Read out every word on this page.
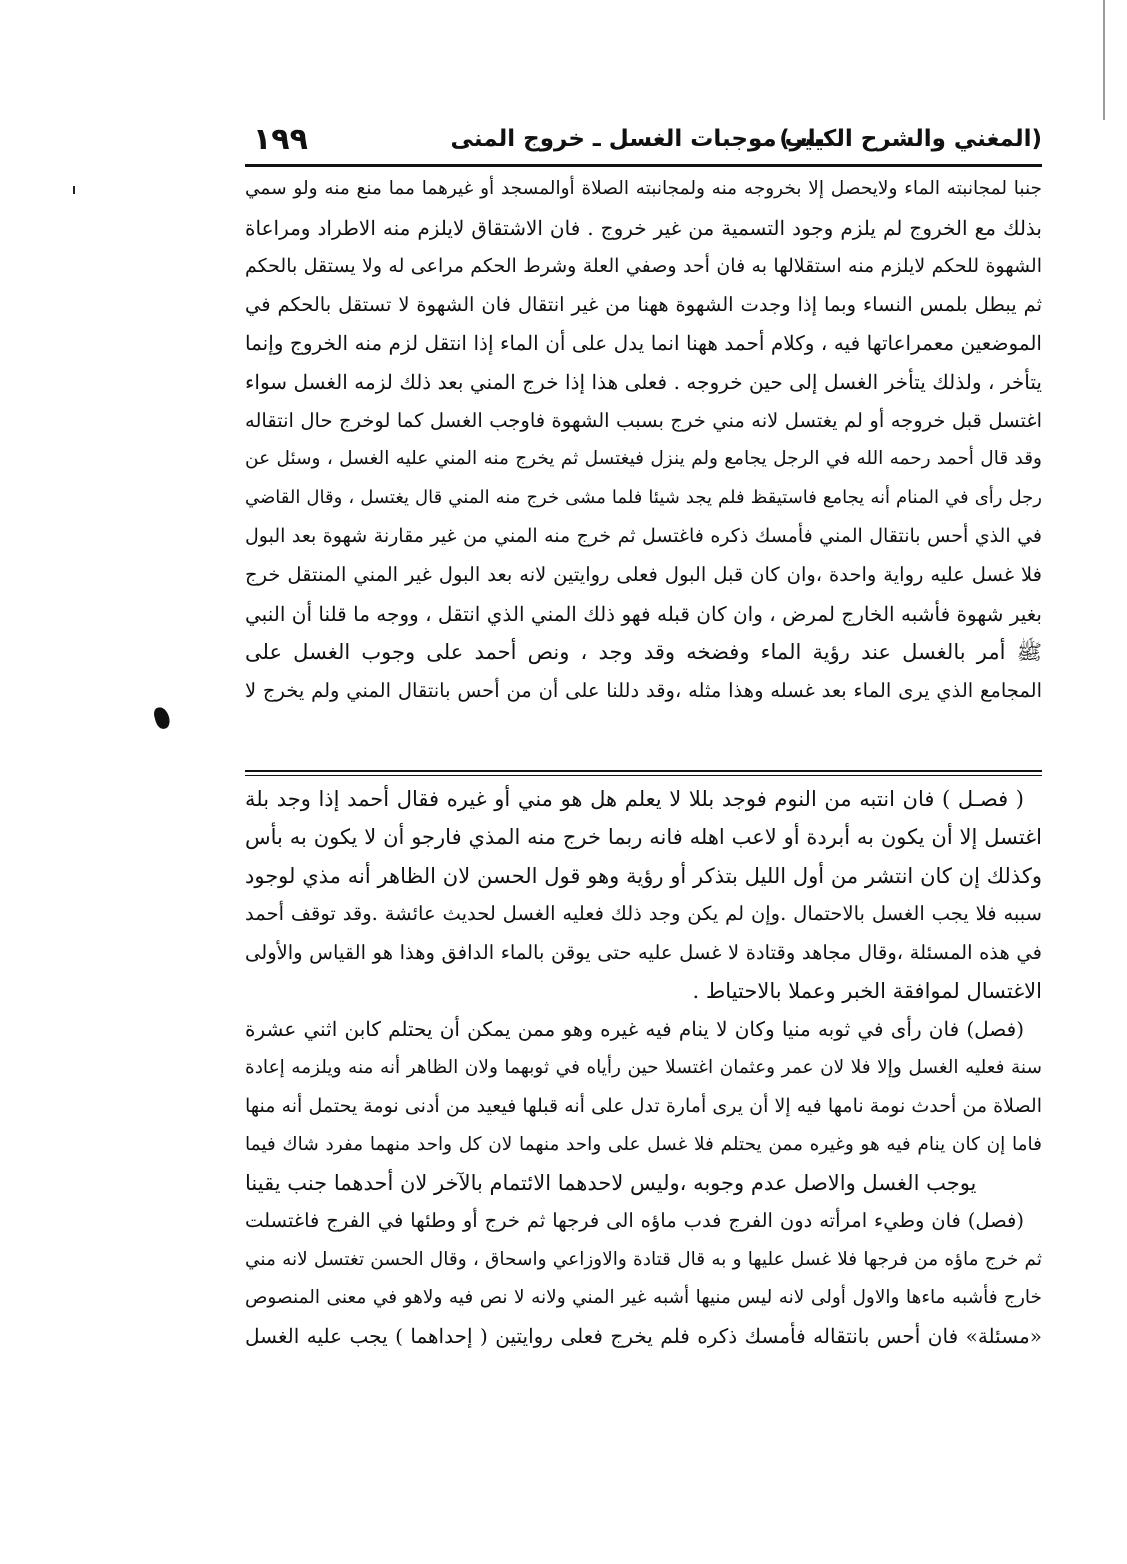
١٩٩	باب موجبات الغسل ـ خروج المنى
(المغني والشرح الكبير)
جنبا لمجانبته الماء ولايحصل إلا بخروجه منه ولمجانبته الصلاة أوالمسجد أو غيرهما مما منع منه ولو سمي
بذلك مع الخروج لم يلزم وجود التسمية من غير خروج . فان الاشتقاق لايلزم منه الاطراد ومراعاة
الشهوة للحكم لايلزم منه استقلالها به فان أحد وصفي العلة وشرط الحكم مراعى له ولا يستقل بالحكم
ثم يبطل بلمس النساء وبما إذا وجدت الشهوة ههنا من غير انتقال فان الشهوة لا تستقل بالحكم في
الموضعين معمراعاتها فيه ، وكلام أحمد ههنا انما يدل على أن الماء إذا انتقل لزم منه الخروج وإنما
يتأخر ، ولذلك يتأخر الغسل إلى حين خروجه . فعلى هذا إذا خرج المني بعد ذلك لزمه الغسل سواء
اغتسل قبل خروجه أو لم يغتسل لانه مني خرج بسبب الشهوة فاوجب الغسل كما لوخرج حال انتقاله
وقد قال أحمد رحمه الله في الرجل يجامع ولم ينزل فيغتسل ثم يخرج منه المني عليه الغسل ، وسئل عن
رجل رأى في المنام أنه يجامع فاستيقظ فلم يجد شيئا فلما مشى خرج منه المني قال يغتسل ، وقال القاضي
في الذي أحس بانتقال المني فأمسك ذكره فاغتسل ثم خرج منه المني من غير مقارنة شهوة بعد البول
فلا غسل عليه رواية واحدة ،وان كان قبل البول فعلى روايتين لانه بعد البول غير المني المنتقل خرج
بغير شهوة فأشبه الخارج لمرض ، وان كان قبله فهو ذلك المني الذي انتقل ، ووجه ما قلنا أن النبي
ﷺ أمر بالغسل عند رؤية الماء وفضخه وقد وجد ، ونص أحمد على وجوب الغسل على
المجامع الذي يرى الماء بعد غسله وهذا مثله ،وقد دللنا على أن من أحس بانتقال المني ولم يخرج لا
( فصـل ) فان انتبه من النوم فوجد بللا لا يعلم هل هو مني أو غيره فقال أحمد إذا وجد بلة
اغتسل إلا أن يكون به أبردة أو لاعب اهله فانه ربما خرج منه المذي فارجو أن لا يكون به بأس
وكذلك إن كان انتشر من أول الليل بتذكر أو رؤية وهو قول الحسن لان الظاهر أنه مذي لوجود
سببه فلا يجب الغسل بالاحتمال .وإن لم يكن وجد ذلك فعليه الغسل لحديث عائشة .وقد توقف أحمد
في هذه المسئلة ،وقال مجاهد وقتادة لا غسل عليه حتى يوقن بالماء الدافق وهذا هو القياس والأولى
الاغتسال لموافقة الخبر وعملا بالاحتياط .
(فصل) فان رأى في ثوبه منيا وكان لا ينام فيه غيره وهو ممن يمكن أن يحتلم كابن اثني عشرة
سنة فعليه الغسل وإلا فلا لان عمر وعثمان اغتسلا حين رأياه في ثوبهما ولان الظاهر أنه منه ويلزمه إعادة
الصلاة من أحدث نومة نامها فيه إلا أن يرى أمارة تدل على أنه قبلها فيعيد من أدنى نومة يحتمل أنه منها
فاما إن كان ينام فيه هو وغيره ممن يحتلم فلا غسل على واحد منهما لان كل واحد منهما مفرد شاك فيما
يوجب الغسل والاصل عدم وجوبه ،وليس لاحدهما الائتمام بالآخر لان أحدهما جنب يقينا
(فصل) فان وطيء امرأته دون الفرج فدب ماؤه الى فرجها ثم خرج أو وطئها في الفرج فاغتسلت
ثم خرج ماؤه من فرجها فلا غسل عليها و به قال قتادة والاوزاعي واسحاق ، وقال الحسن تغتسل لانه مني
خارج فأشبه ماءها والاول أولى لانه ليس منيها أشبه غير المني ولانه لا نص فيه ولاهو في معنى المنصوص
«مسئلة» فان أحس بانتقاله فأمسك ذكره فلم يخرج فعلى روايتين ( إحداهما ) يجب عليه الغسل
